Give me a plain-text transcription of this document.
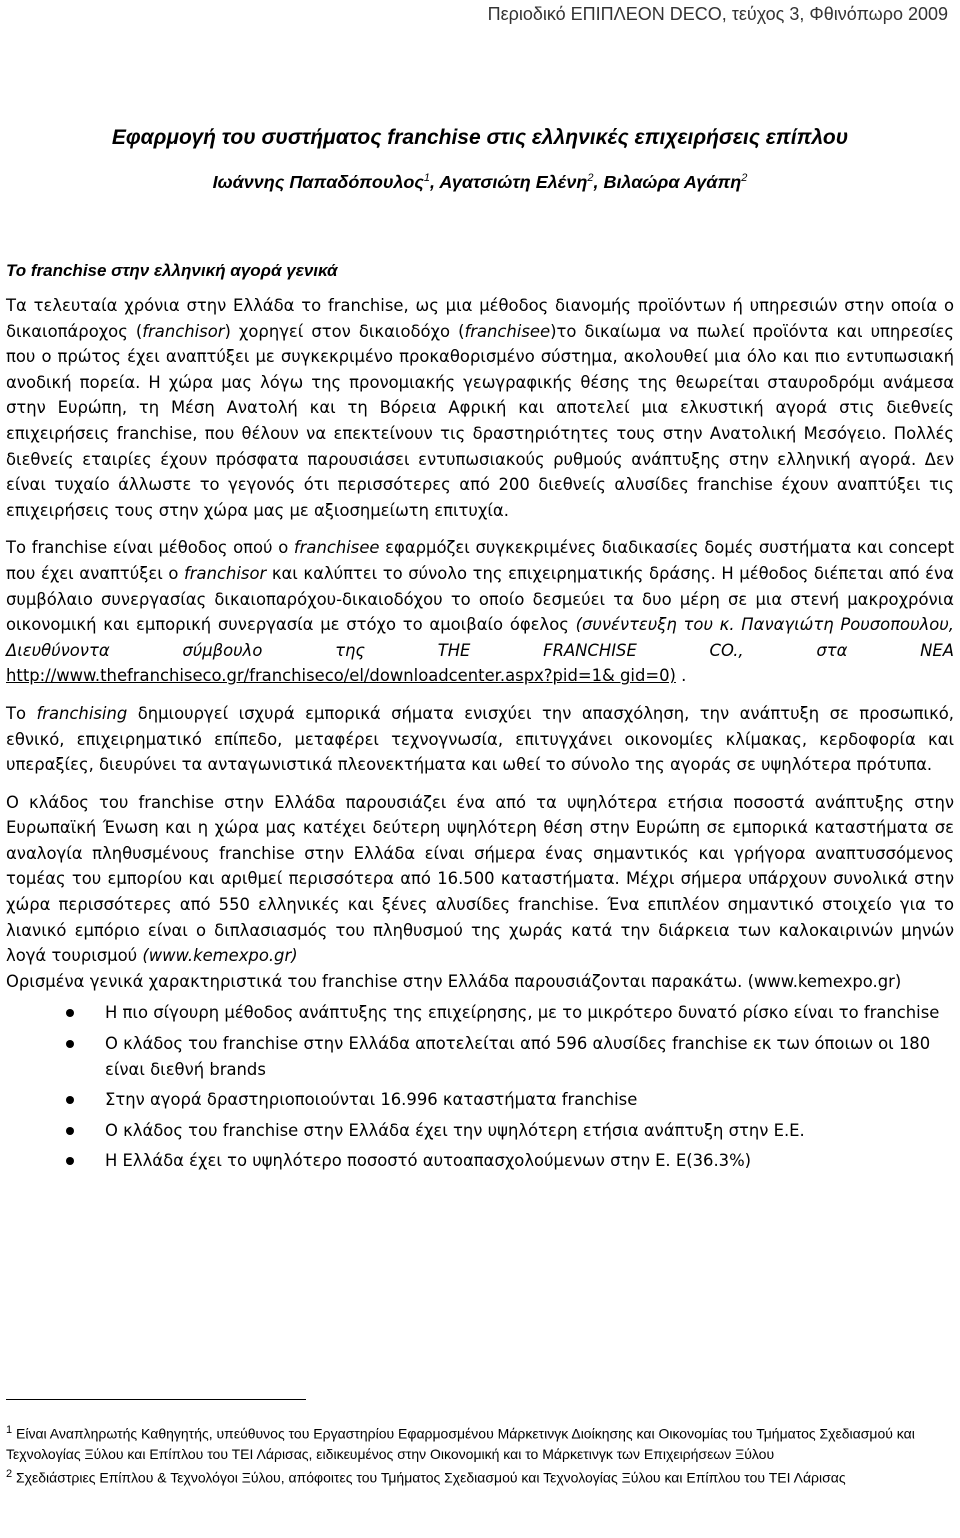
Περιοδικό ΕΠΙΠΛΕΟΝ DECO, τεύχος 3, Φθινόπωρο 2009
Εφαρμογή του συστήματος franchise στις ελληνικές επιχειρήσεις επίπλου
Ιωάννης Παπαδόπουλος$^1$, Αγατσιώτη Ελένη$^2$, Βιλαώρα Αγάπη$^2$
Το franchise στην ελληνική αγορά γενικά

Τα τελευταία χρόνια στην Ελλάδα το franchise, ως μια μέθοδος διανομής προϊόντων ή υπηρεσιών στην οποία ο δικαιοπάροχος (franchisor) χορηγεί στον δικαιοδόχο (franchisee)το δικαίωμα να πωλεί προϊόντα και υπηρεσίες που ο πρώτος έχει αναπτύξει με συγκεκριμένο προκαθορισμένο σύστημα, ακολουθεί μια όλο και πιο εντυπωσιακή ανοδική πορεία. Η χώρα μας λόγω της προνομιακής γεωγραφικής θέσης της θεωρείται σταυροδρόμι ανάμεσα στην Ευρώπη, τη Μέση Ανατολή και τη Βόρεια Αφρική και αποτελεί μια ελκυστική αγορά στις διεθνείς επιχειρήσεις franchise, που θέλουν να επεκτείνουν τις δραστηριότητες τους στην Ανατολική Μεσόγειο. Πολλές διεθνείς εταιρίες έχουν πρόσφατα παρουσιάσει εντυπωσιακούς ρυθμούς ανάπτυξης στην ελληνική αγορά. Δεν είναι τυχαίο άλλωστε το γεγονός ότι περισσότερες από 200 διεθνείς αλυσίδες franchise έχουν αναπτύξει τις επιχειρήσεις τους στην χώρα μας με αξιοσημείωτη επιτυχία.

Το franchise είναι μέθοδος οπού ο franchisee εφαρμόζει συγκεκριμένες διαδικασίες δομές συστήματα και concept που έχει αναπτύξει ο franchisor και καλύπτει το σύνολο της επιχειρηματικής δράσης. Η μέθοδος διέπεται από ένα συμβόλαιο συνεργασίας δικαιοπαρόχου-δικαιοδόχου το οποίο δεσμεύει τα δυο μέρη σε μια στενή μακροχρόνια οικονομική και εμπορική συνεργασία με στόχο το αμοιβαίο όφελος (συνέντευξη του κ. Παναγιώτη Ρουσοπουλου, Διευθύνοντα σύμβουλο της THE FRANCHISE CO., στα ΝΕΑ http://www.thefranchiseco.gr/franchiseco/el/downloadcenter.aspx?pid=1& gid=0) .

Το franchising δημιουργεί ισχυρά εμπορικά σήματα ενισχύει την απασχόληση, την ανάπτυξη σε προσωπικό, εθνικό, επιχειρηματικό επίπεδο, μεταφέρει τεχνογνωσία, επιτυγχάνει οικονομίες κλίμακας, κερδοφορία και υπεραξίες, διευρύνει τα ανταγωνιστικά πλεονεκτήματα και ωθεί το σύνολο της αγοράς σε υψηλότερα πρότυπα.

Ο κλάδος του franchise στην Ελλάδα παρουσιάζει ένα από τα υψηλότερα ετήσια ποσοστά ανάπτυξης στην Ευρωπαϊκή Ένωση και η χώρα μας κατέχει δεύτερη υψηλότερη θέση στην Ευρώπη σε εμπορικά καταστήματα σε αναλογία πληθυσμένους franchise στην Ελλάδα είναι σήμερα ένας σημαντικός και γρήγορα αναπτυσσόμενος τομέας του εμπορίου και αριθμεί περισσότερα από 16.500 καταστήματα. Μέχρι σήμερα υπάρχουν συνολικά στην χώρα περισσότερες από 550 ελληνικές και ξένες αλυσίδες franchise. Ένα επιπλέον σημαντικό στοιχείο για το λιανικό εμπόριο είναι ο διπλασιασμός του πληθυσμού της χωράς κατά την διάρκεια των καλοκαιρινών μηνών λογά τουρισμού (www.kemexpo.gr)

Ορισμένα γενικά χαρακτηριστικά του franchise στην Ελλάδα παρουσιάζονται παρακάτω. (www.kemexpo.gr)

Η πιο σίγουρη μέθοδος ανάπτυξης της επιχείρησης, με το μικρότερο δυνατό ρίσκο είναι το franchise
Ο κλάδος του franchise στην Ελλάδα αποτελείται από 596 αλυσίδες franchise εκ των όποιων οι 180 είναι διεθνή brands
Στην αγορά δραστηριοποιούνται 16.996 καταστήματα franchise
Ο κλάδος του franchise στην Ελλάδα έχει την υψηλότερη ετήσια ανάπτυξη στην Ε.Ε.
Η Ελλάδα έχει το υψηλότερο ποσοστό αυτοαπασχολούμενων στην Ε. Ε(36.3%)

$^1$ Είναι Αναπληρωτής Καθηγητής, υπεύθυνος του Εργαστηρίου Εφαρμοσμένου Μάρκετινγκ Διοίκησης και Οικονομίας του Τμήματος Σχεδιασμού και Τεχνολογίας Ξύλου και Επίπλου του ΤΕΙ Λάρισας, ειδικευμένος στην Οικονομική και το Μάρκετινγκ των Επιχειρήσεων Ξύλου

$^2$ Σχεδιάστριες Επίπλου & Τεχνολόγοι Ξύλου, απόφοιτες του Τμήματος Σχεδιασμού και Τεχνολογίας Ξύλου και Επίπλου του ΤΕΙ Λάρισας
